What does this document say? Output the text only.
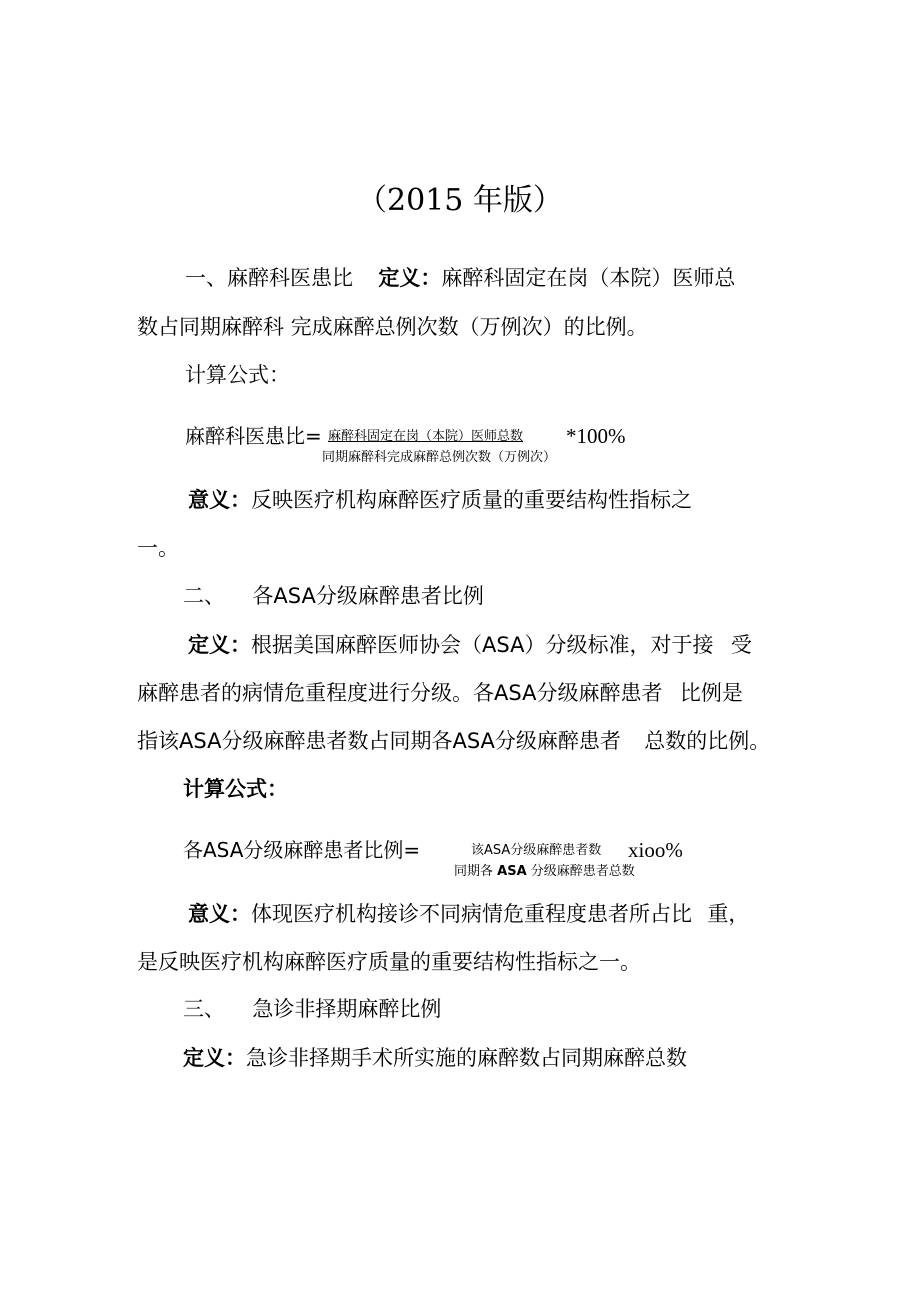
（2015 年版）
一、麻醉科医患比 定义：麻醉科固定在岗（本院）医师总
数占同期麻醉科 完成麻醉总例次数（万例次）的比例。
计算公式：
麻醉科医患比= 麻醉科固定在岗（本院）医师总数 *100%
同期麻醉科完成麻醉总例次数（万例次）
意义：反映医疗机构麻醉医疗质量的重要结构性指标之
一。
二、 各ASA分级麻醉患者比例
定义：根据美国麻醉医师协会（ASA）分级标准，对于接 受
麻醉患者的病情危重程度进行分级。各ASA分级麻醉患者 比例是
指该ASA分级麻醉患者数占同期各ASA分级麻醉患者 总数的比例。
计算公式：
各ASA分级麻醉患者比例=	该ASA分级麻醉患者数 xioo%
同期各 ASA 分级麻醉患者总数
意义：体现医疗机构接诊不同病情危重程度患者所占比 重，
是反映医疗机构麻醉医疗质量的重要结构性指标之一。
三、 急诊非择期麻醉比例
定义：急诊非择期手术所实施的麻醉数占同期麻醉总数
